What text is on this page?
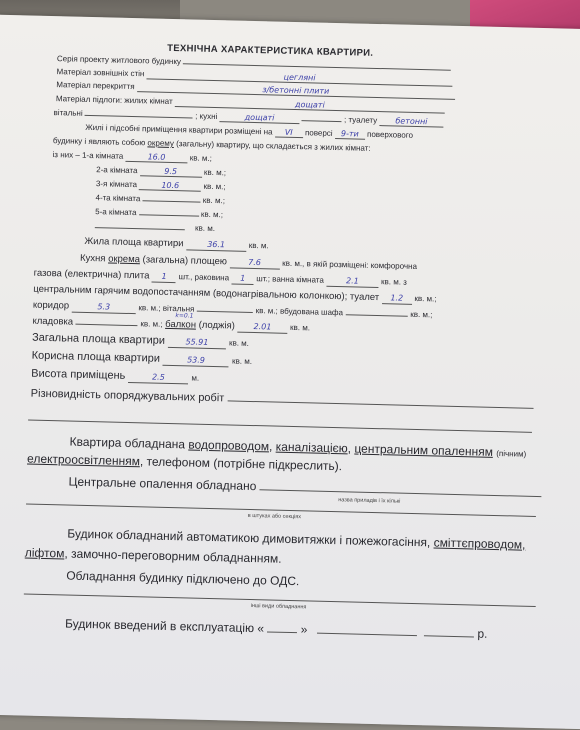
ТЕХНІЧНА ХАРАКТЕРИСТИКА КВАРТИРИ.
Серія проекту житлового будинку
Матеріал зовнішніх стін	цегляні
Матеріал перекриття	з/бетонні плити
Матеріал підлоги: жилих кімнат	дощаті
вітальні	; кухні	дощаті	; туалету бетонні
Жилі і підсобні приміщення квартири розміщені на VI поверсі 9-ти поверхового
будинку і являють собою окрему (загальну) квартиру, що складається з жилих кімнат:
із них – 1-а кімната	16.0	кв. м.;
2-а кімната	9.5	кв. м.;
3-я кімната	10.6	кв. м.;
4-та кімната	кв. м.;
5-а кімната	кв. м.;
кв. м.
Жила площа квартири	36.1	кв. м.
Кухня окрема (загальна) площею	7.6	кв. м., в якій розміщені: комфорочна
газова (електрична) плита 1 шт., раковина 1 шт.; ванна кімната	2.1	кв. м. з
центральним гарячим водопостачанням (водонагрівальною колонкою); туалет 1.2 кв. м.;
коридор	5.3	кв. м.; вітальня	кв. м.; вбудована шафа	кв. м.;
кладовка	кв. м.;
k=0.1
балкон (лоджія) 2.01 кв. м.
Загальна площа квартири	55.91	кв. м.
Корисна площа квартири	53.9	кв. м.
Висота приміщень	2.5	м.
Різновидність опоряджувальних робіт
Квартира обладнана водопроводом, каналізацією, центральним опаленням (пічним)
електроосвітленням, телефоном (потрібне підкреслить).
Центральне опалення обладнано
назва приладів і їх кількі
в штуках або секціях
Будинок обладнаний автоматикою димовитяжки і пожежогасіння, сміттєпроводом,
ліфтом, замочно-переговорним обладнанням.
Обладнання будинку підключено до ОДС.
інші види обладнання
Будинок введений в експлуатацію «	»	р.
